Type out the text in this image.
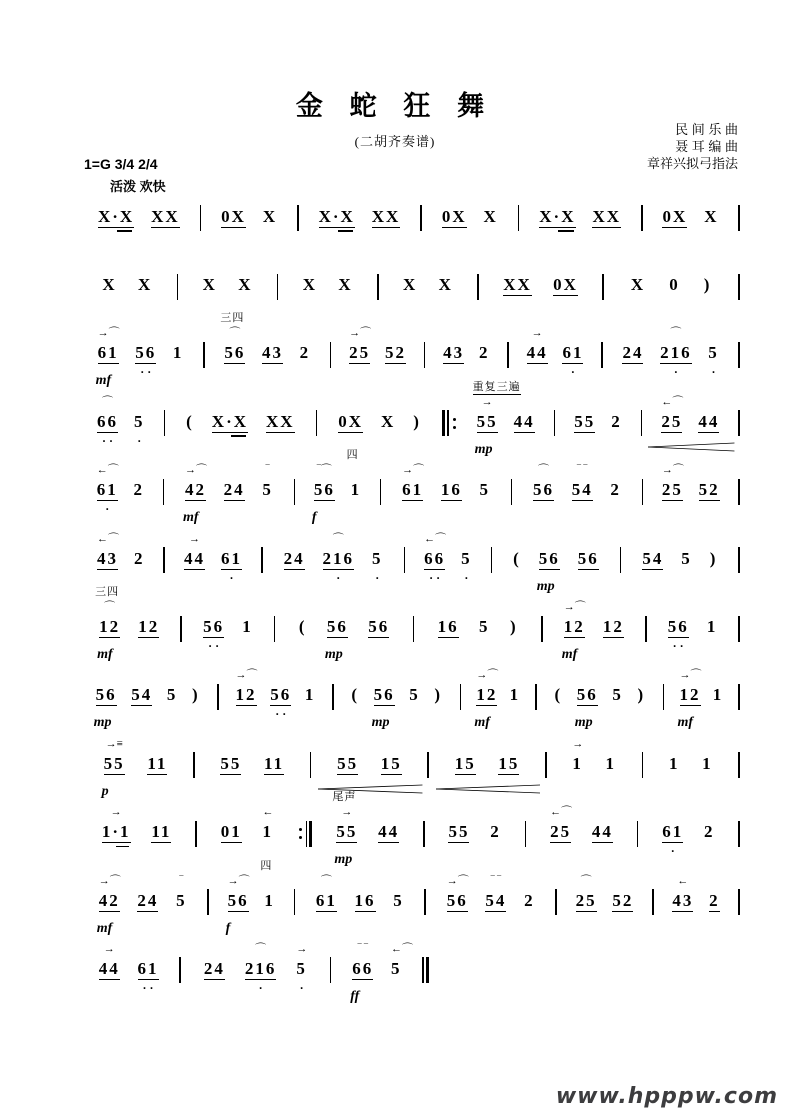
金 蛇 狂 舞
(二胡齐奏谱)
民 间 乐 曲
聂 耳 编 曲
章祥兴拟弓指法
1=G 3/4 2/4
活泼 欢快
X·X XX 0X X X·X XX 0X X X·X XX 0X X
X X	X X	X X	X X	XX 0X	X 0 )
61
→⌒
mf
56
· ·
1 56
⌒
三四
43 2 25
→⌒
52 43 2 44
→
61
·
24 216
⌒
·
5
·
66
⌒
· ·
5
·
( X·X XX	0X X )	55
→
重复三遍
mp
44 55 2 25
←⌒
44
61
←⌒
·
2 42
→⌒
mf
24 5
‾
56
‾⌒
f
1
四
61
→⌒
16 5	56
⌒
54
‾ ‾
2 25
→⌒
52
43
←⌒
2 44
→
61
·
24 216
⌒
·
5
·
66
←⌒
· ·
5
·
( 56
mp
56	54 5 )
12
⌒
三四
mf
12	56
· ·
1	( 56
mp
56	16 5 )	12
→⌒
mf
12	56
· ·
1
56
mp
54 5 ) 12
→⌒
56
· ·
1 ( 56
mp
5 ) 12
→⌒
mf
1 ( 56
mp
5 ) 12
→⌒
mf
1
55
→≡
p
11	55 11	55 15	15 15	1
→
1	1 1
1·1
→
11	01 1
←
55
→
尾声
mp
44	55 2	25
←⌒
44	61
·
2
42
→⌒
mf
24 5
‾
56
→⌒
f
1
四
61
⌒
16 5	56
→⌒
54
‾ ‾
2 25
⌒
52 43
←
2
44
→
61
· ·
24 216
⌒
·
5
→
·
66
‾ ‾
ff
5
←⌒
www.hpppw.com
